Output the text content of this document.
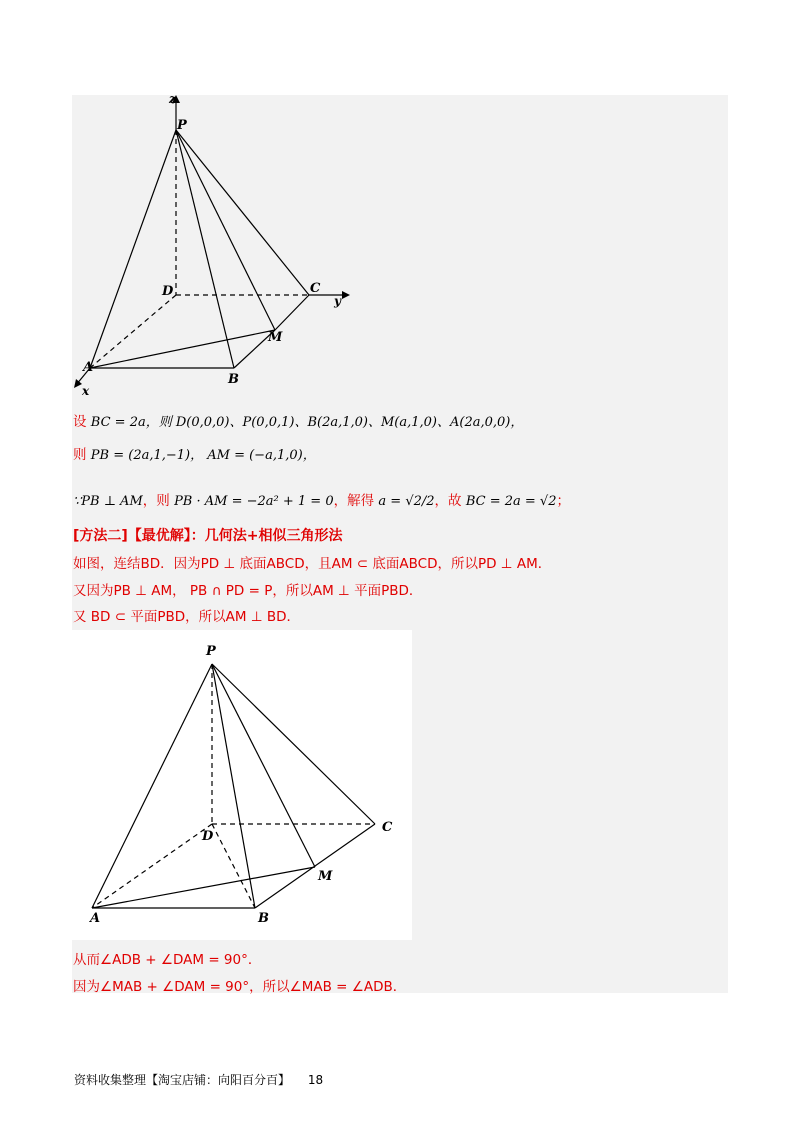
z
P
D	C
y
M
A
B
x
设 BC = 2a，则 D(0,0,0)、P(0,0,1)、B(2a,1,0)、M(a,1,0)、A(2a,0,0)，
则 PB = (2a,1,−1)， AM = (−a,1,0)，
∵PB ⊥ AM，则 PB · AM = −2a² + 1 = 0，解得 a = √2/2，故 BC = 2a = √2；
[方法二]【最优解】：几何法+相似三角形法
如图，连结BD．因为PD ⊥ 底面ABCD，且AM ⊂ 底面ABCD，所以PD ⊥ AM．
又因为PB ⊥ AM， PB ∩ PD = P，所以AM ⊥ 平面PBD．
又 BD ⊂ 平面PBD，所以AM ⊥ BD．
P
D
C
M
A	B
从而∠ADB + ∠DAM = 90°．
因为∠MAB + ∠DAM = 90°，所以∠MAB = ∠ADB．
资料收集整理【淘宝店铺：向阳百分百】 18
